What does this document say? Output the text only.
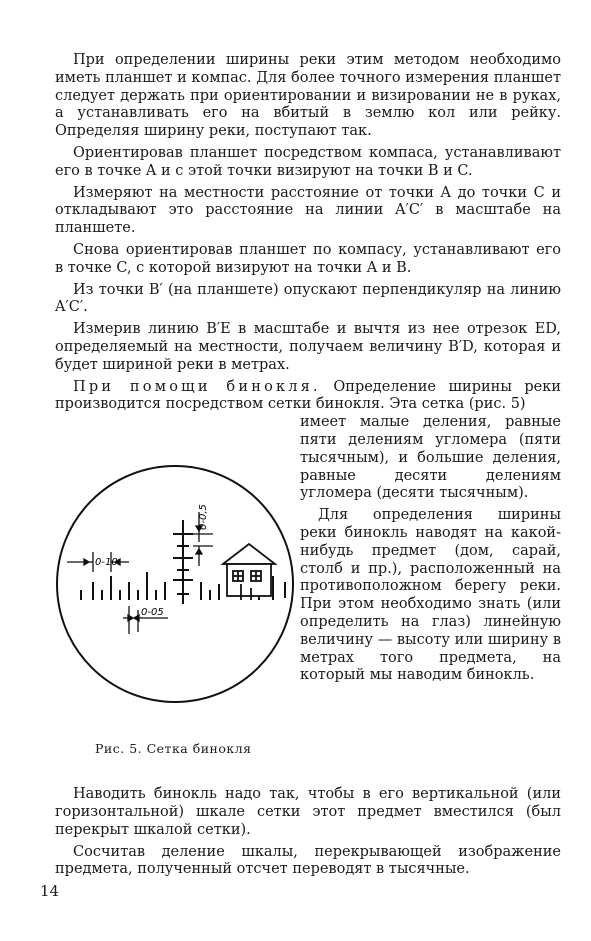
При определении ширины реки этим методом необходимо иметь планшет и компас. Для более точного измерения планшет следует держать при ориентировании и визировании не в руках, а устанавливать его на вбитый в землю кол или рейку. Определяя ширину реки, поступают так.

Ориентировав планшет посредством компаса, устанавливают его в точке A и с этой точки визируют на точки B и C.

Измеряют на местности расстояние от точки A до точки C и откладывают это расстояние на линии A′C′ в масштабе на планшете.

Снова ориентировав планшет по компасу, устанавливают его в точке C, с которой визируют на точки A и B.

Из точки B′ (на планшете) опускают перпендикуляр на линию A′C′.

Измерив линию B′E в масштабе и вычтя из нее отрезок ED, определяемый на местности, получаем величину B′D, которая и будет шириной реки в метрах.

При помощи бинокля. Определение ширины реки производится посредством сетки бинокля. Эта сетка (рис. 5)

0-10
0-05
0-0,5
Рис. 5. Сетка бинокля

имеет малые деления, равные пяти делениям угломера (пяти тысячным), и большие деления, равные десяти делениям угломера (десяти тысячным).

Для определения ширины реки бинокль наводят на какой-нибудь предмет (дом, сарай, столб и пр.), расположенный на противоположном берегу реки. При этом необходимо знать (или определить на глаз) линейную величину — высоту или ширину в метрах того предмета, на который мы наводим бинокль.

Наводить бинокль надо так, чтобы в его вертикальной (или горизонтальной) шкале сетки этот предмет вместился (был перекрыт шкалой сетки).

Сосчитав деление шкалы, перекрывающей изображение предмета, полученный отсчет переводят в тысячные.

14
